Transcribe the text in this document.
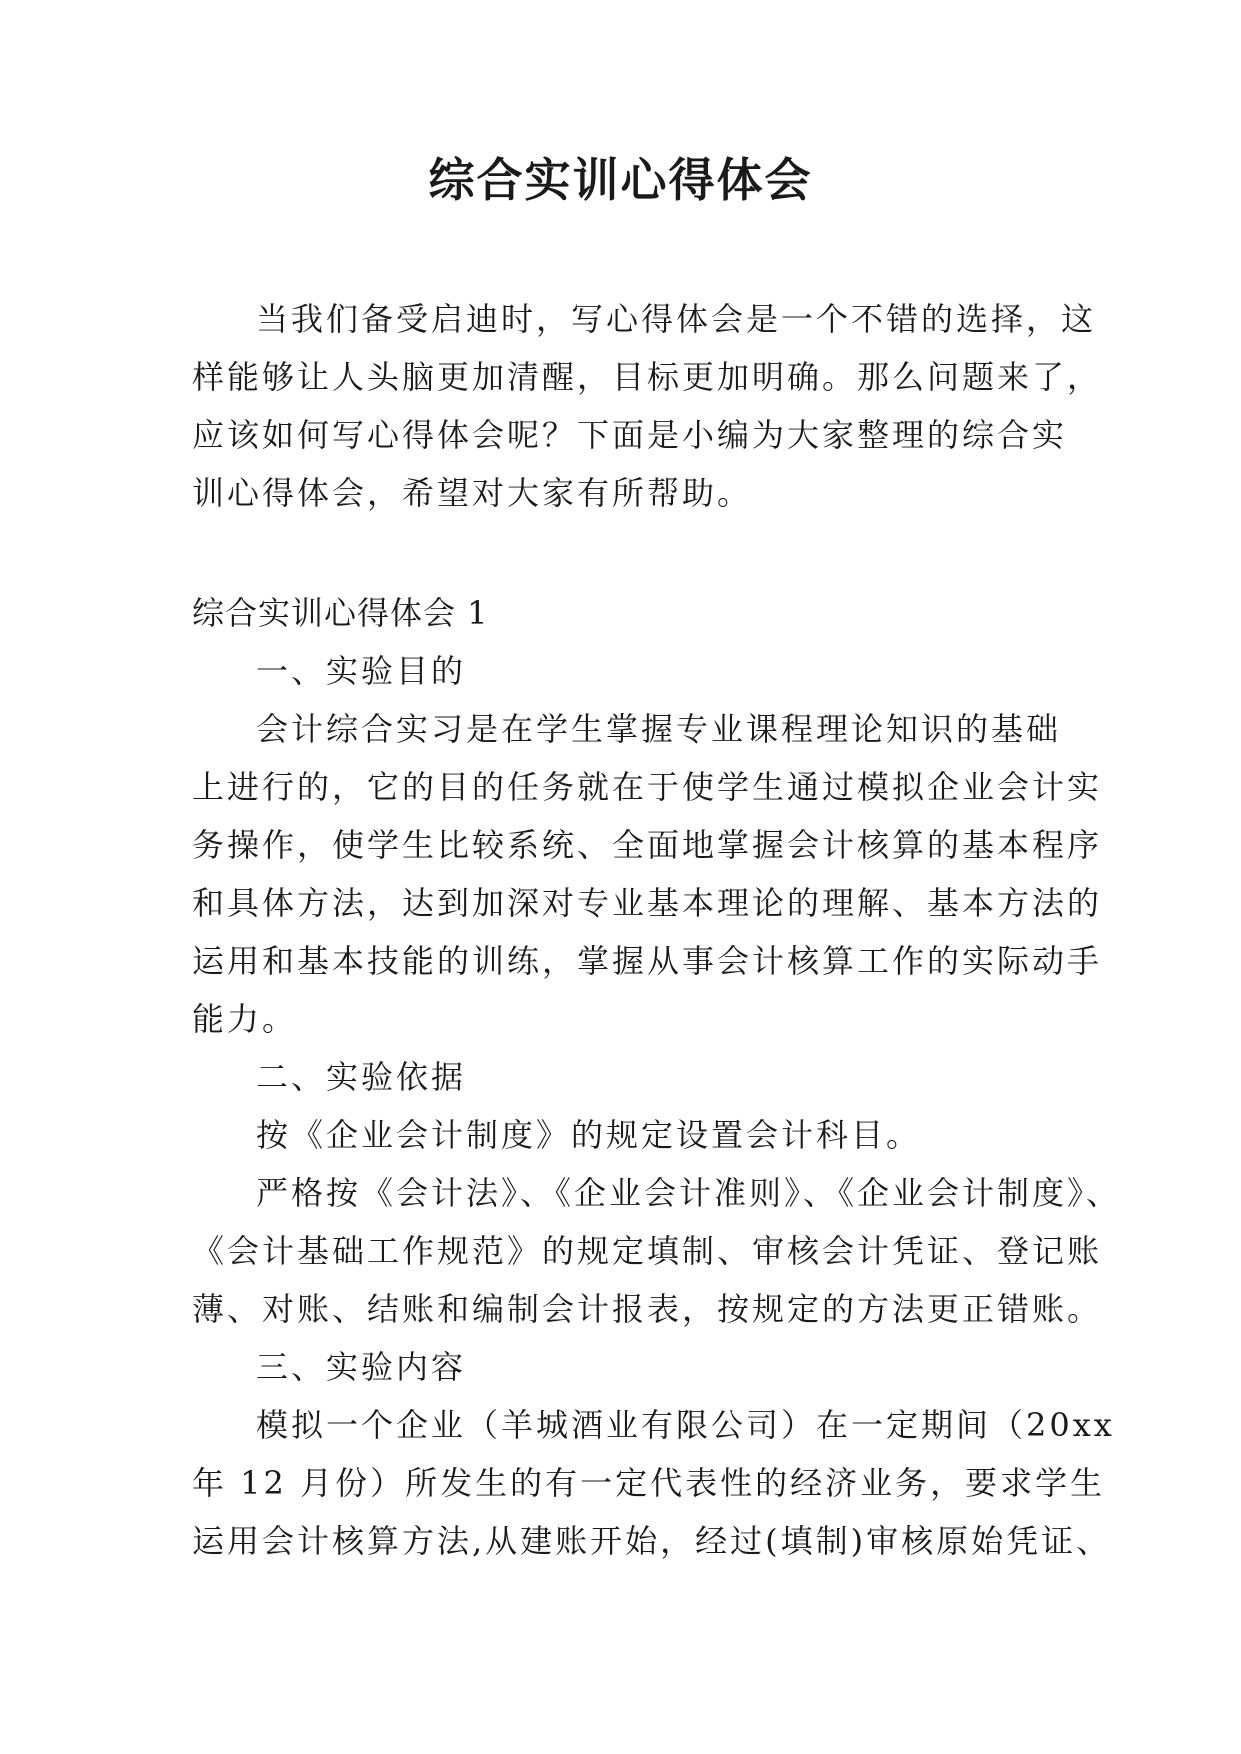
综合实训心得体会
当我们备受启迪时，写心得体会是一个不错的选择，这
样能够让人头脑更加清醒，目标更加明确。那么问题来了，
应该如何写心得体会呢？下面是小编为大家整理的综合实
训心得体会，希望对大家有所帮助。
综合实训心得体会 1
一、实验目的
会计综合实习是在学生掌握专业课程理论知识的基础
上进行的，它的目的任务就在于使学生通过模拟企业会计实
务操作，使学生比较系统、全面地掌握会计核算的基本程序
和具体方法，达到加深对专业基本理论的理解、基本方法的
运用和基本技能的训练，掌握从事会计核算工作的实际动手
能力。
二、实验依据
按《企业会计制度》的规定设置会计科目。
严格按《会计法》、《企业会计准则》、《企业会计制度》、
《会计基础工作规范》的规定填制、审核会计凭证、登记账
薄、对账、结账和编制会计报表，按规定的方法更正错账。
三、实验内容
模拟一个企业（羊城酒业有限公司）在一定期间（20xx
年 12 月份）所发生的有一定代表性的经济业务，要求学生
运用会计核算方法,从建账开始，经过(填制)审核原始凭证、
